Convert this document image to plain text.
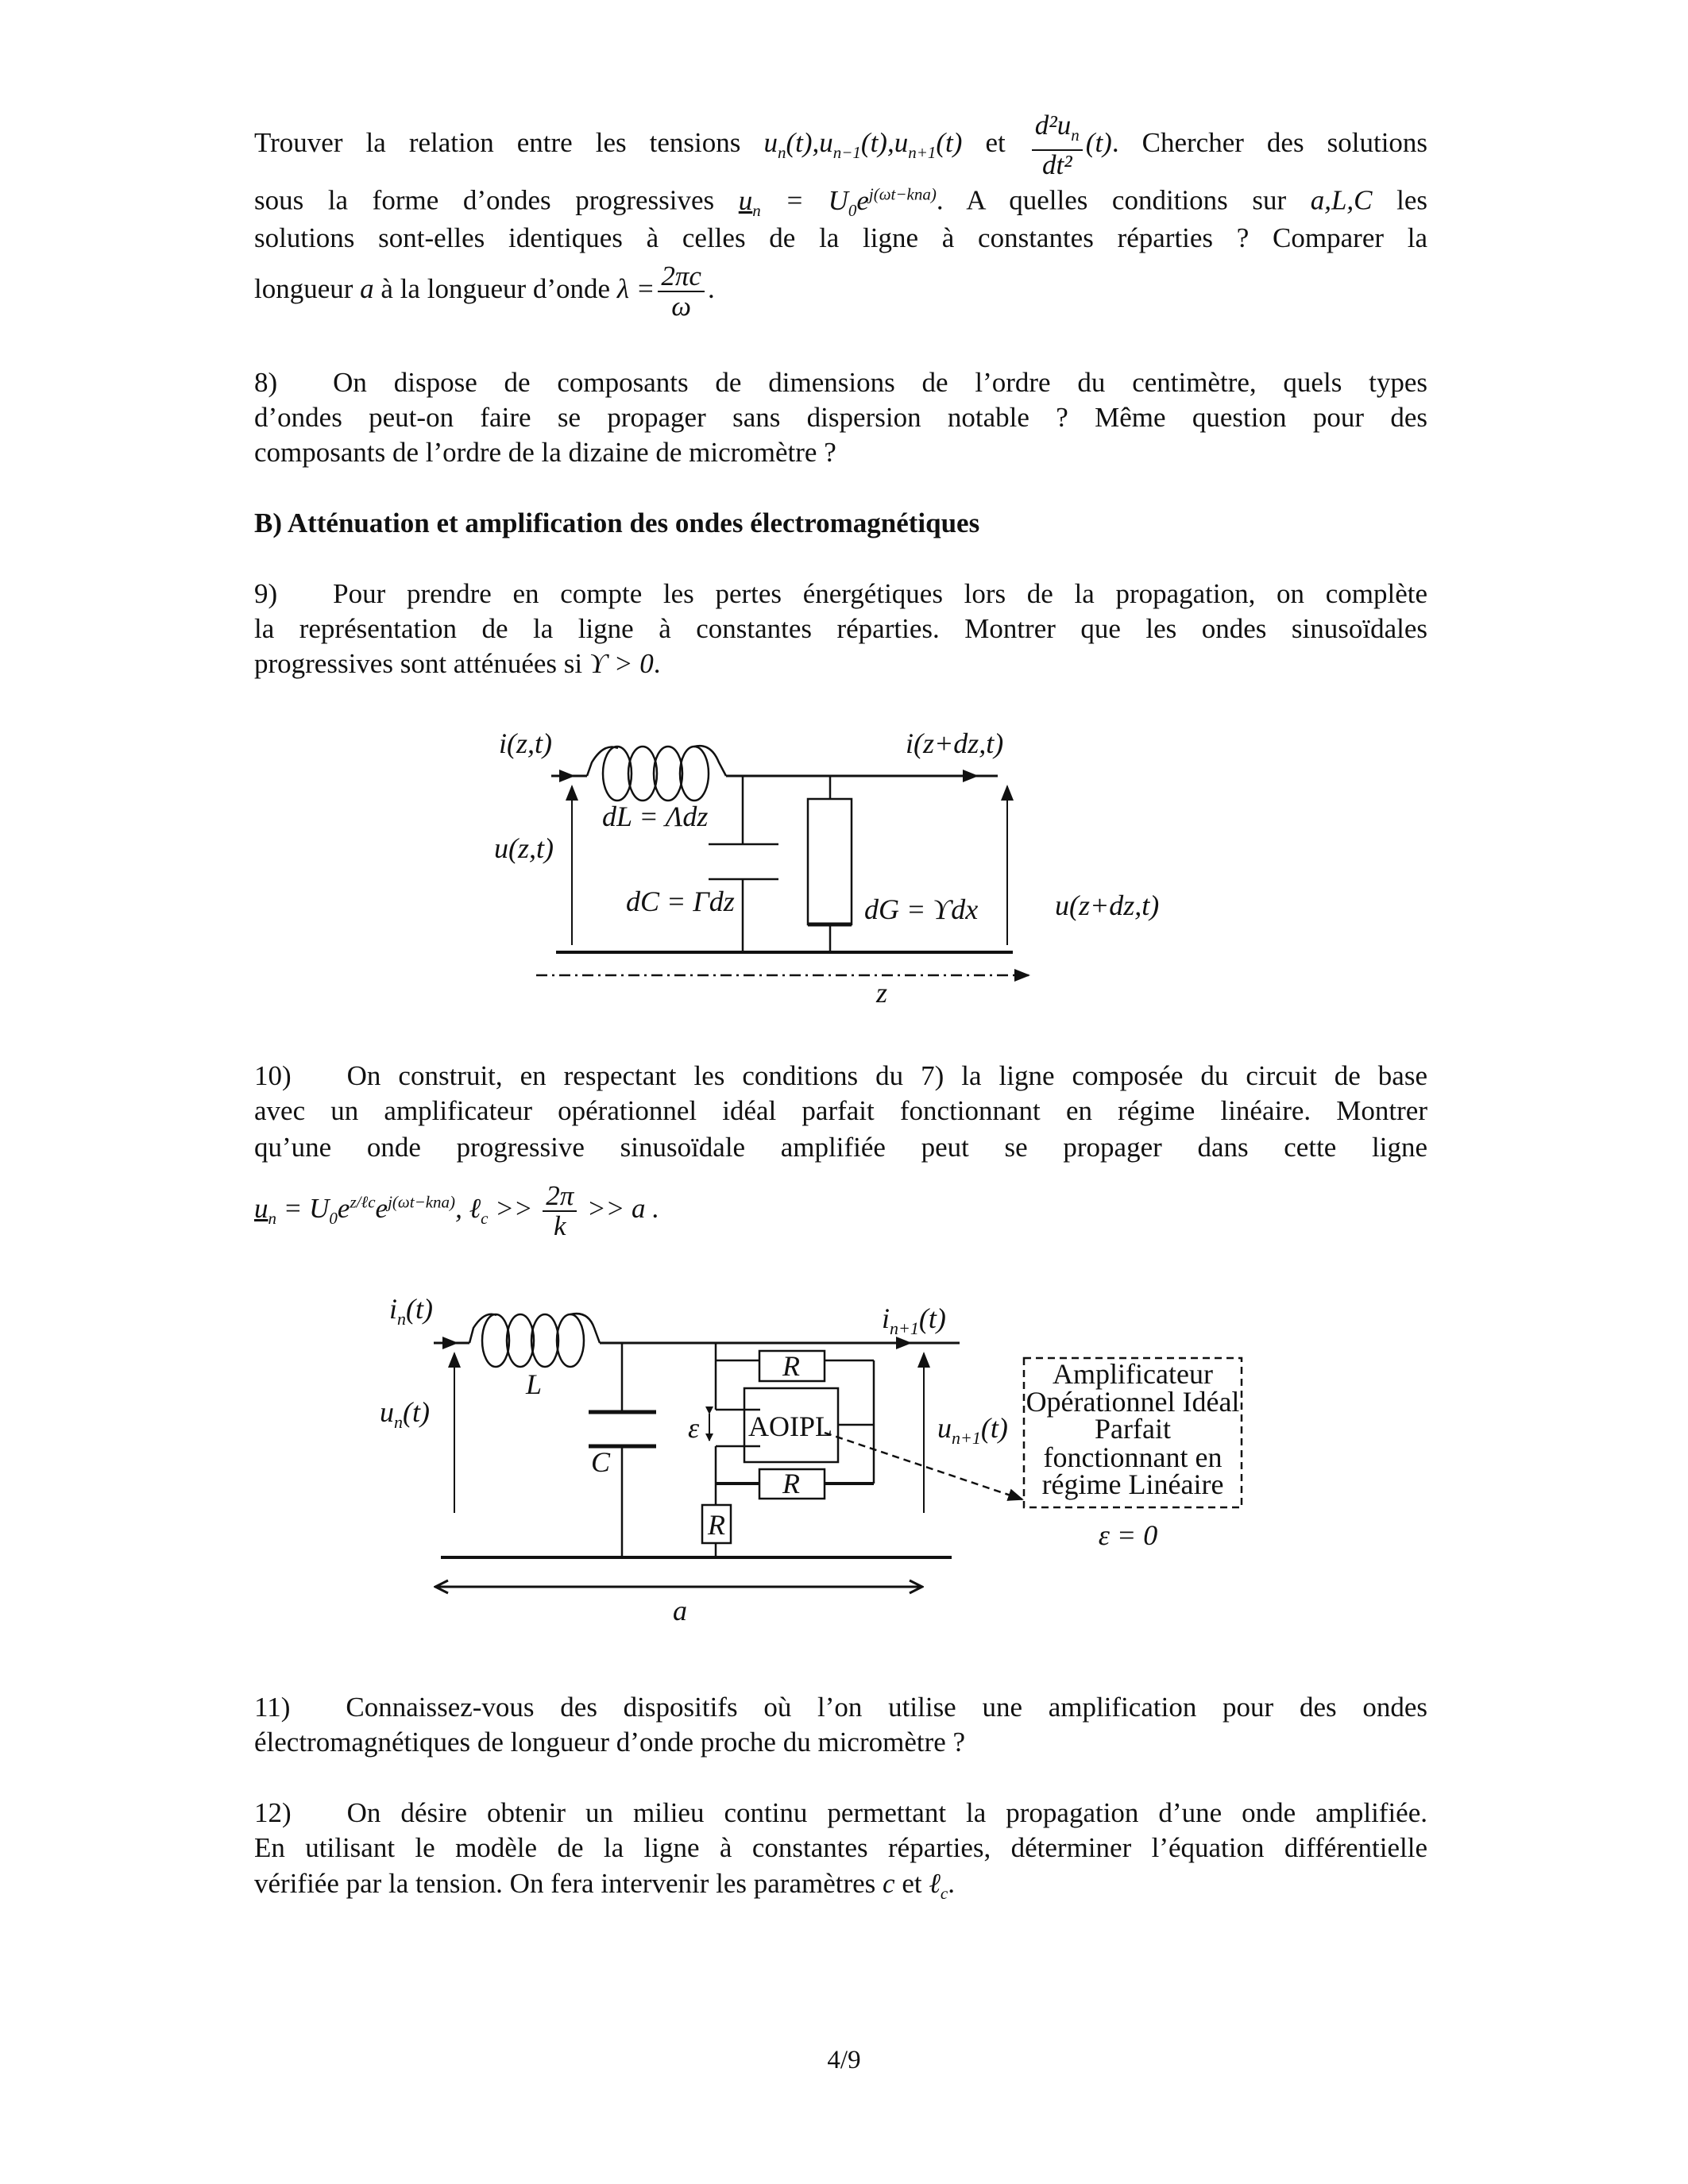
Trouver la relation entre les tensions $u_n(t),u_{n-1}(t),u_{n+1}(t)$ et $\frac{d^2u_n}{\text{dt²}} (t)$. Chercher des solutions
sous la forme d’ondes progressives $u_n = U_0e^{j(\omega t-kna)}$. A quelles conditions sur a,L,C les
solutions sont-elles identiques à celles de la ligne à constantes réparties ? Comparer la
longueur a à la longueur d’onde $\lambda = \frac{2\pi c}{\omega}$ .
8)  On dispose de composants de dimensions de l’ordre du centimètre, quels types
d’ondes peut-on faire se propager sans dispersion notable ? Même question pour des
composants de l’ordre de la dizaine de micromètre ?
B) Atténuation et amplification des ondes électromagnétiques
9)  Pour prendre en compte les pertes énergétiques lors de la propagation, on complète
la représentation de la ligne à constantes réparties. Montrer que les ondes sinusoïdales
progressives sont atténuées si ϒ > 0.
10)  On construit, en respectant les conditions du 7) la ligne composée du circuit de base
avec un amplificateur opérationnel idéal parfait fonctionnant en régime linéaire. Montrer
qu’une onde progressive sinusoïdale amplifiée peut se propager dans cette ligne
$u_n = U_0e^{z/\ell c}e^{j(\omega t-kna)}$, ℓ$_c$ >> $\frac{2\pi}{k} >> a$ .
11)  Connaissez-vous des dispositifs où l’on utilise une amplification pour des ondes
électromagnétiques de longueur d’onde proche du micromètre ?
12)  On désire obtenir un milieu continu permettant la propagation d’une onde amplifiée.
En utilisant le modèle de la ligne à constantes réparties, déterminer l’équation différentielle
vérifiée par la tension. On fera intervenir les paramètres c et ℓ$_c$.
4/9
i(z,t)	i(z+dz,t)
dL = Λdz
u(z,t)
dC = Γdz	dG = ϒdx	u(z+dz,t)
z
$i_n(t)$	$i_{n+1}(t)$
$u_n(t)$	$u_{n+1}(t)$
L
C
R
R
R
ε AOIPL
Amplificateur
Opérationnel Idéal
Parfait
fonctionnant en
régime Linéaire
ε = 0
a
